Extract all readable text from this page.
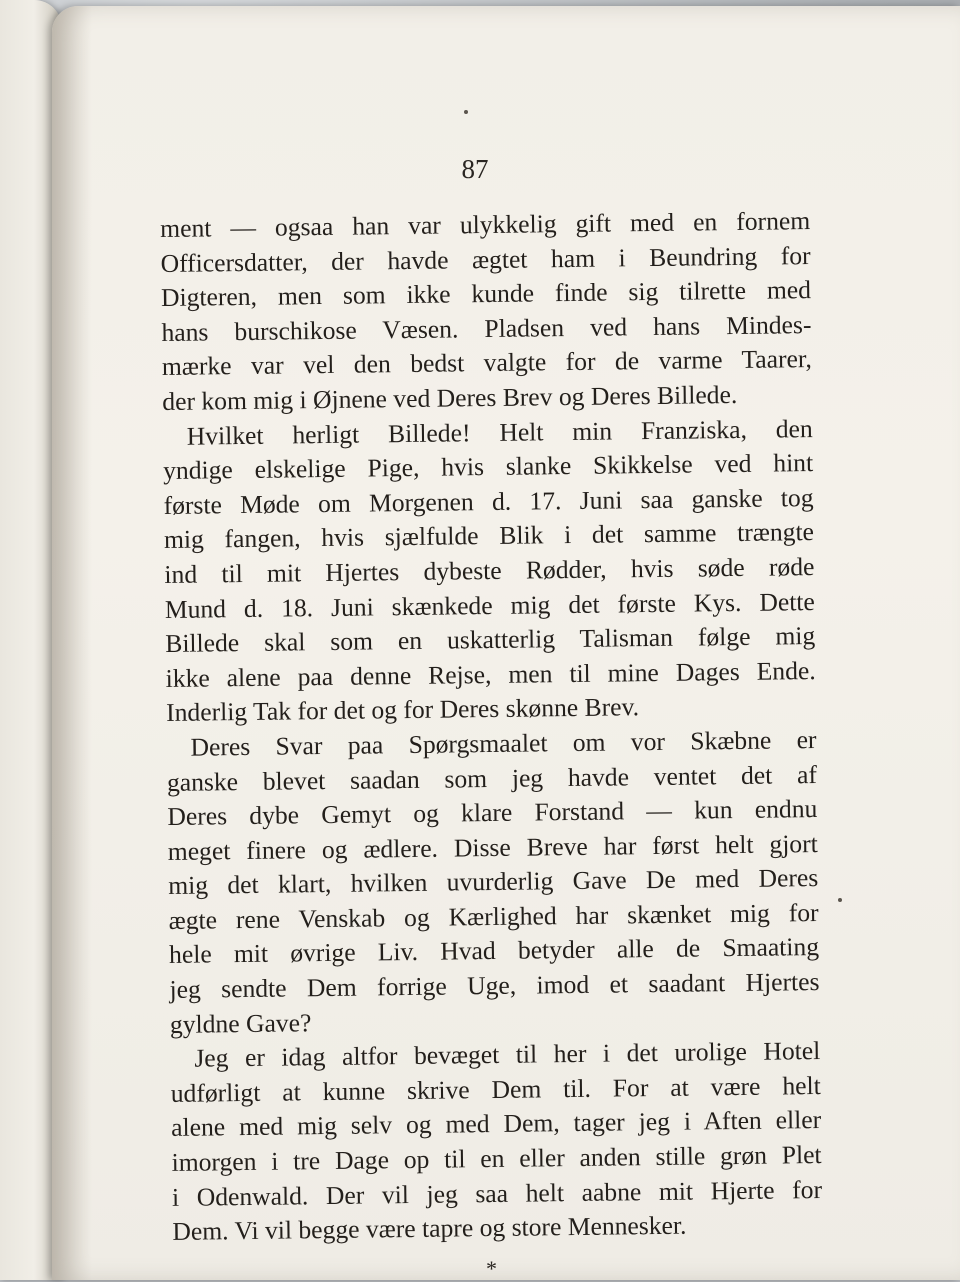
87

ment — ogsaa han var ulykkelig gift med en fornem
Officersdatter, der havde ægtet ham i Beundring for
Digteren, men som ikke kunde finde sig tilrette med
hans burschikose Væsen. Pladsen ved hans Mindes-
mærke var vel den bedst valgte for de varme Taarer,
der kom mig i Øjnene ved Deres Brev og Deres Billede.

Hvilket herligt Billede! Helt min Franziska, den
yndige elskelige Pige, hvis slanke Skikkelse ved hint
første Møde om Morgenen d. 17. Juni saa ganske tog
mig fangen, hvis sjælfulde Blik i det samme trængte
ind til mit Hjertes dybeste Rødder, hvis søde røde
Mund d. 18. Juni skænkede mig det første Kys. Dette
Billede skal som en uskatterlig Talisman følge mig
ikke alene paa denne Rejse, men til mine Dages Ende.
Inderlig Tak for det og for Deres skønne Brev.

Deres Svar paa Spørgsmaalet om vor Skæbne er
ganske blevet saadan som jeg havde ventet det af
Deres dybe Gemyt og klare Forstand — kun endnu
meget finere og ædlere. Disse Breve har først helt gjort
mig det klart, hvilken uvurderlig Gave De med Deres
ægte rene Venskab og Kærlighed har skænket mig for
hele mit øvrige Liv. Hvad betyder alle de Smaating
jeg sendte Dem forrige Uge, imod et saadant Hjertes
gyldne Gave?

Jeg er idag altfor bevæget til her i det urolige Hotel
udførligt at kunne skrive Dem til. For at være helt
alene med mig selv og med Dem, tager jeg i Aften eller
imorgen i tre Dage op til en eller anden stille grøn Plet
i Odenwald. Der vil jeg saa helt aabne mit Hjerte for
Dem. Vi vil begge være tapre og store Mennesker.

*
